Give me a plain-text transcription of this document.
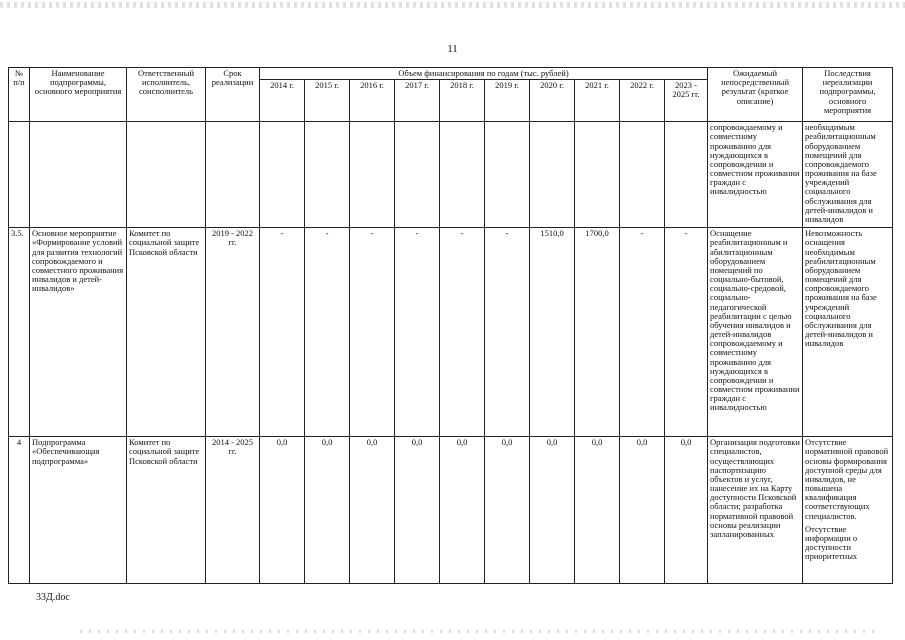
11
№ п/п	Наименование подпрограммы, основного мероприятия	Ответственный исполнитель, соисполнитель	Срок реализации	Объем финансирования по годам (тыс. рублей)										Ожидаемый непосредственный результат (краткое описание)	Последствия нереализации подпрограммы, основного мероприятия
				2014 г.	2015 г.	2016 г.	2017 г.	2018 г.	2019 г.	2020 г.	2021 г.	2022 г.	2023 - 2025 гг.		
														сопровождаемому и совместному проживанию для нуждающихся в сопровождении и совместном проживании граждан с инвалидностью	необходимым реабилитационным оборудованием помещений для сопровождаемого проживания на базе учреждений социального обслуживания для детей-инвалидов и инвалидов
3.5.	Основное мероприятие «Формирование условий для развития технологий сопровождаемого и совместного проживания инвалидов и детей-инвалидов»	Комитет по социальной защите Псковской области	2019 - 2022 гг.	-	-	-	-	-	-	1510,0	1700,0	-	-	Оснащение реабилитационным и абилитационным оборудованием помещений по социально-бытовой, социально-средовой, социально-педагогической реабилитации с целью обучения инвалидов и детей-инвалидов сопровождаемому и совместному проживанию для нуждающихся в сопровождении и совместном проживании граждан с инвалидностью	Невозможность оснащения необходимым реабилитационным оборудованием помещений для сопровождаемого проживания на базе учреждений социального обслуживания для детей-инвалидов и инвалидов
4	Подпрограмма «Обеспечивающая подпрограмма»	Комитет по социальной защите Псковской области	2014 - 2025 гг.	0,0	0,0	0,0	0,0	0,0	0,0	0,0	0,0	0,0	0,0	Организация подготовки специалистов, осуществляющих паспортизацию объектов и услуг, нанесение их на Карту доступности Псковской области; разработка нормативной правовой основы реализации запланированных	Отсутствие нормативной правовой основы формирования доступной среды для инвалидов, не повышена квалификация соответствующих специалистов.
Отсутствие информации о доступности приоритетных
33Д.doc
